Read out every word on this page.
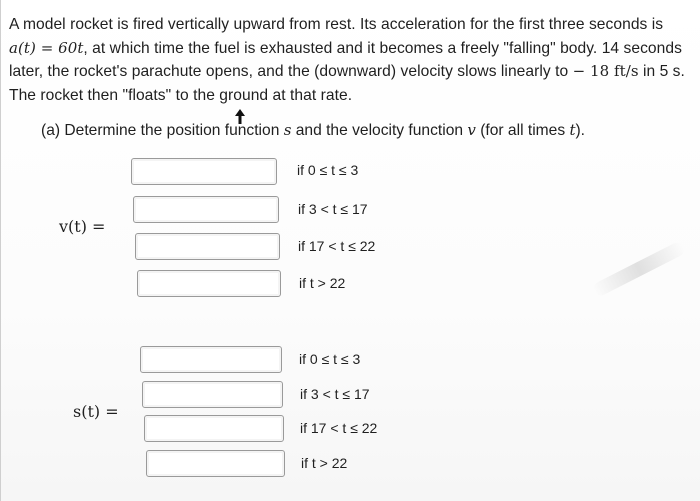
A model rocket is fired vertically upward from rest. Its acceleration for the first three seconds is
a(t) = 60t, at which time the fuel is exhausted and it becomes a freely "falling" body. 14 seconds
later, the rocket's parachute opens, and the (downward) velocity slows linearly to − 18 ft/s in 5 s.
The rocket then "floats" to the ground at that rate.
(a) Determine the position function s and the velocity function v (for all times t).
v(t) =
if 0 ≤ t ≤ 3
if 3 < t ≤ 17
if 17 < t ≤ 22
if t > 22
s(t) =
if 0 ≤ t ≤ 3
if 3 < t ≤ 17
if 17 < t ≤ 22
if t > 22
